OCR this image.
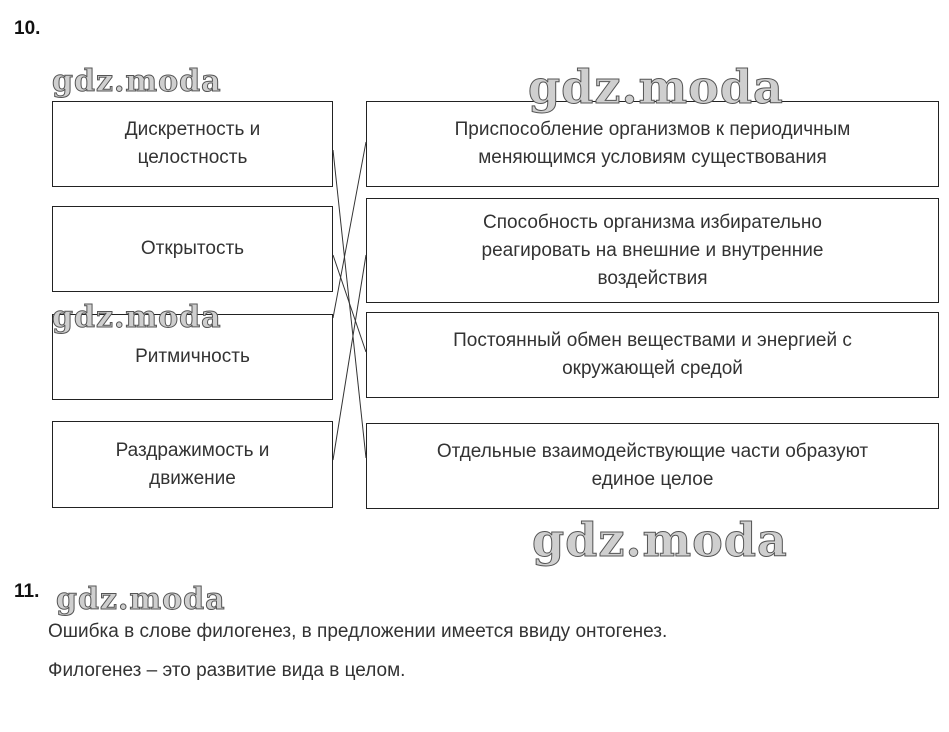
10.
Дискретность и
целостность
Открытость
Ритмичность
Раздражимость и
движение
Приспособление организмов к периодичным
меняющимся условиям существования
Способность организма избирательно
реагировать на внешние и внутренние
воздействия
Постоянный обмен веществами и энергией с
окружающей средой
Отдельные взаимодействующие части образуют
единое целое
gdz.moda	gdz.moda
gdz.moda
gdz.moda
gdz.moda
11.
Ошибка в слове филогенез, в предложении имеется ввиду онтогенез.
Филогенез – это развитие вида в целом.
